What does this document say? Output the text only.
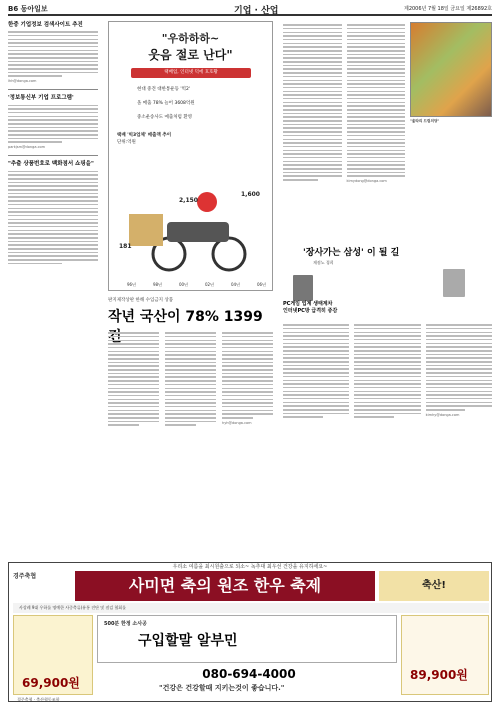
B6 동아일보	기업 · 산업	제2006년 7월 18일 금요일 제26892호
한중 기업정보 검색사이트 추진
lhh@donga.com
'정보통신부 기업 프로그램'
parkjsm@donga.com
"추출 상품번호로 백화점서 쇼핑을"
"우하하하~
웃음 절로 난다"
택배업, 인터넷 덕에 호호황
현대 중견 대한통운등 '빅2'
올 매출 78% 늘어 3608억원
중소운송사도 예출처럼 환영
택배 '빅3업체' 매출액 추이
단위:억원
181
2,150
1,600
96년	98년	00년	02년	04년	06년
판지제작상판 한해 수입금지 상품
작년 국산이 78% 1399
hyh@donga.com
kimydong@donga.com
"울타리 드림의당"
'장사가는 삼성' 이 될 길
재점노 경희
PC게임 업계 생태계차
인터넷PC방 급격히 증감
kimhy@donga.com
우리소 여름을 최시원출으로 되소~ 녹추대 최우선 건강을 유지하세요~
경주축협	사미면 축의 원조 한우 축제	축산!
사상레 9대 우하를 명예한 사중축류(유통 진단 및 점검 협회를
69,900원
500분 한정 소사공
구입할말 알부민
89,900원
080-694-4000
"건강은 건강할때 지키는것이 좋습니다."
경주축협 · 축산협동조합
